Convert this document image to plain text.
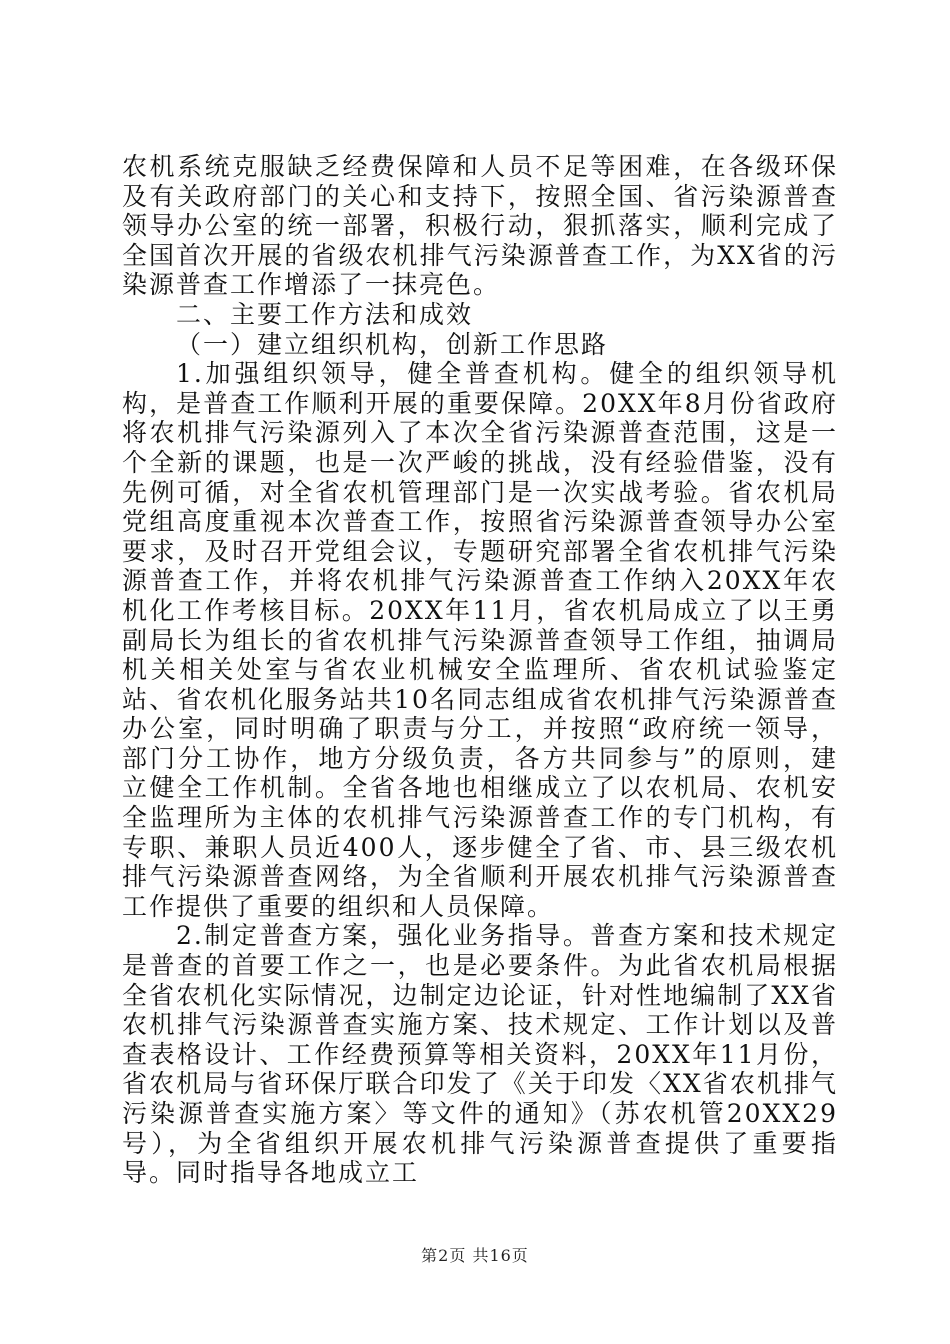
农机系统克服缺乏经费保障和人员不足等困难，在各级环保及有关政府部门的关心和支持下，按照全国、省污染源普查领导办公室的统一部署，积极行动，狠抓落实，顺利完成了全国首次开展的省级农机排气污染源普查工作，为XX省的污染源普查工作增添了一抹亮色。

二、主要工作方法和成效

（一）建立组织机构，创新工作思路

1.加强组织领导，健全普查机构。健全的组织领导机构，是普查工作顺利开展的重要保障。20XX年8月份省政府将农机排气污染源列入了本次全省污染源普查范围，这是一个全新的课题，也是一次严峻的挑战，没有经验借鉴，没有先例可循，对全省农机管理部门是一次实战考验。省农机局党组高度重视本次普查工作，按照省污染源普查领导办公室要求，及时召开党组会议，专题研究部署全省农机排气污染源普查工作，并将农机排气污染源普查工作纳入20XX年农机化工作考核目标。20XX年11月，省农机局成立了以王勇副局长为组长的省农机排气污染源普查领导工作组，抽调局机关相关处室与省农业机械安全监理所、省农机试验鉴定站、省农机化服务站共10名同志组成省农机排气污染源普查办公室，同时明确了职责与分工，并按照“政府统一领导，部门分工协作，地方分级负责，各方共同参与”的原则，建立健全工作机制。全省各地也相继成立了以农机局、农机安全监理所为主体的农机排气污染源普查工作的专门机构，有专职、兼职人员近400人，逐步健全了省、市、县三级农机排气污染源普查网络，为全省顺利开展农机排气污染源普查工作提供了重要的组织和人员保障。

2.制定普查方案，强化业务指导。普查方案和技术规定是普查的首要工作之一，也是必要条件。为此省农机局根据全省农机化实际情况，边制定边论证，针对性地编制了XX省农机排气污染源普查实施方案、技术规定、工作计划以及普查表格设计、工作经费预算等相关资料，20XX年11月份，省农机局与省环保厅联合印发了《关于印发〈XX省农机排气污染源普查实施方案〉等文件的通知》（苏农机管20XX29号），为全省组织开展农机排气污染源普查提供了重要指导。同时指导各地成立工

第2页 共16页
